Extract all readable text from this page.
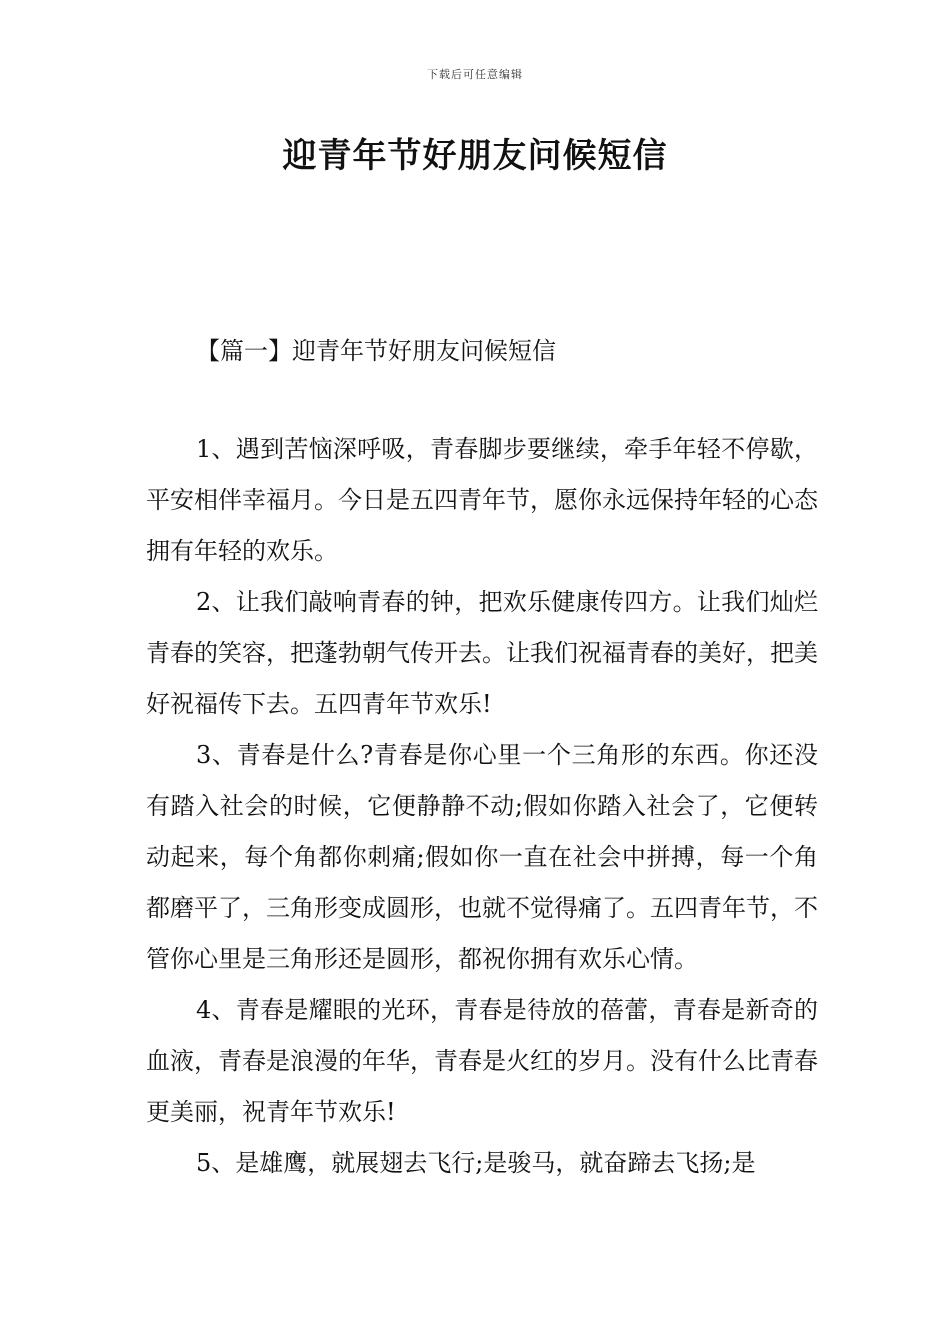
下载后可任意编辑
迎青年节好朋友问候短信
【篇一】迎青年节好朋友问候短信

1、遇到苦恼深呼吸，青春脚步要继续，牵手年轻不停歇，平安相伴幸福月。今日是五四青年节，愿你永远保持年轻的心态拥有年轻的欢乐。

2、让我们敲响青春的钟，把欢乐健康传四方。让我们灿烂青春的笑容，把蓬勃朝气传开去。让我们祝福青春的美好，把美好祝福传下去。五四青年节欢乐!

3、青春是什么?青春是你心里一个三角形的东西。你还没有踏入社会的时候，它便静静不动;假如你踏入社会了，它便转动起来，每个角都你刺痛;假如你一直在社会中拼搏，每一个角都磨平了，三角形变成圆形，也就不觉得痛了。五四青年节，不管你心里是三角形还是圆形，都祝你拥有欢乐心情。

4、青春是耀眼的光环，青春是待放的蓓蕾，青春是新奇的血液，青春是浪漫的年华，青春是火红的岁月。没有什么比青春更美丽，祝青年节欢乐!

5、是雄鹰，就展翅去飞行;是骏马，就奋蹄去飞扬;是
